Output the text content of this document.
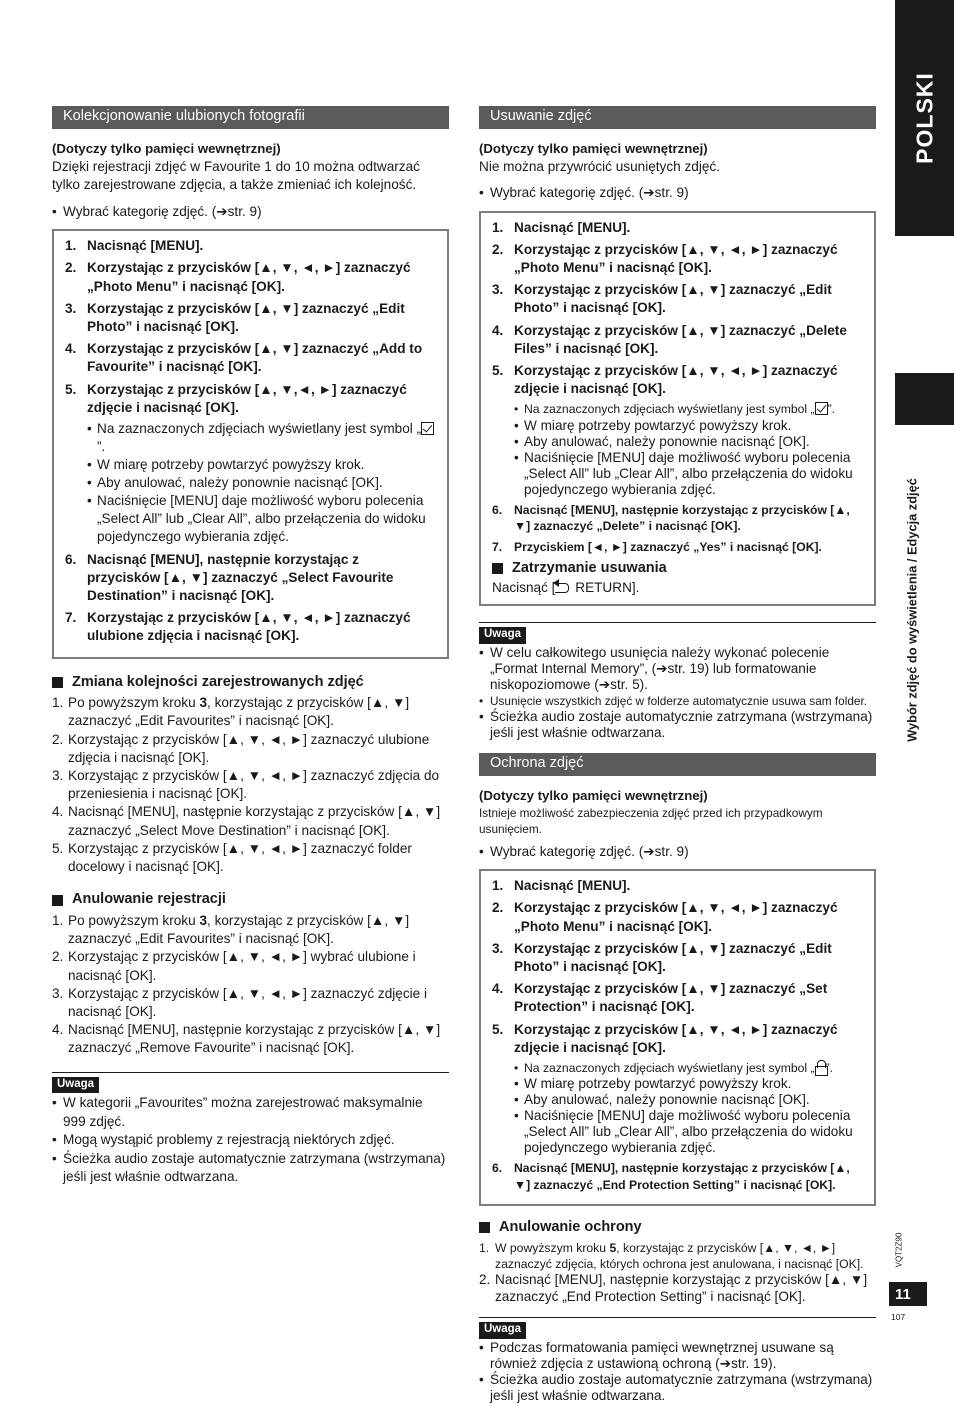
POLSKI
Wybór zdjęć do wyświetlenia / Edycja zdjęć
VQT2Z90
11
107
Kolekcjonowanie ulubionych fotografii
(Dotyczy tylko pamięci wewnętrznej)
Dzięki rejestracji zdjęć w Favourite 1 do 10 można odtwarzać tylko zarejestrowane zdjęcia, a także zmieniać ich kolejność.
• Wybrać kategorię zdjęć. (➔str. 9)
1. Nacisnąć [MENU].
2. Korzystając z przycisków [▲, ▼, ◄, ►] zaznaczyć „Photo Menu” i nacisnąć [OK].
3. Korzystając z przycisków [▲, ▼] zaznaczyć „Edit Photo” i nacisnąć [OK].
4. Korzystając z przycisków [▲, ▼] zaznaczyć „Add to Favourite” i nacisnąć [OK].
5. Korzystając z przycisków [▲, ▼,◄, ►] zaznaczyć zdjęcie i nacisnąć [OK].
• Na zaznaczonych zdjęciach wyświetlany jest symbol „”.
• W miarę potrzeby powtarzyć powyższy krok.
• Aby anulować, należy ponownie nacisnąć [OK].
• Naciśnięcie [MENU] daje możliwość wyboru polecenia „Select All” lub „Clear All”, albo przełączenia do widoku pojedynczego wybierania zdjęć.
6. Nacisnąć [MENU], następnie korzystając z przycisków [▲, ▼] zaznaczyć „Select Favourite Destination” i nacisnąć [OK].
7. Korzystając z przycisków [▲, ▼, ◄, ►] zaznaczyć ulubione zdjęcia i nacisnąć [OK].
Zmiana kolejności zarejestrowanych zdjęć
1. Po powyższym kroku 3, korzystając z przycisków [▲, ▼] zaznaczyć „Edit Favourites” i nacisnąć [OK].
2. Korzystając z przycisków [▲, ▼, ◄, ►] zaznaczyć ulubione zdjęcia i nacisnąć [OK].
3. Korzystając z przycisków [▲, ▼, ◄, ►] zaznaczyć zdjęcia do przeniesienia i nacisnąć [OK].
4. Nacisnąć [MENU], następnie korzystając z przycisków [▲, ▼] zaznaczyć „Select Move Destination” i nacisnąć [OK].
5. Korzystając z przycisków [▲, ▼, ◄, ►] zaznaczyć folder docelowy i nacisnąć [OK].
Anulowanie rejestracji
1. Po powyższym kroku 3, korzystając z przycisków [▲, ▼] zaznaczyć „Edit Favourites” i nacisnąć [OK].
2. Korzystając z przycisków [▲, ▼, ◄, ►] wybrać ulubione i nacisnąć [OK].
3. Korzystając z przycisków [▲, ▼, ◄, ►] zaznaczyć zdjęcie i nacisnąć [OK].
4. Nacisnąć [MENU], następnie korzystając z przycisków [▲, ▼] zaznaczyć „Remove Favourite” i nacisnąć [OK].
Uwaga
• W kategorii „Favourites” można zarejestrować maksymalnie 999 zdjęć.
• Mogą wystąpić problemy z rejestracją niektórych zdjęć.
• Ścieżka audio zostaje automatycznie zatrzymana (wstrzymana) jeśli jest właśnie odtwarzana.
Usuwanie zdjęć
(Dotyczy tylko pamięci wewnętrznej)
Nie można przywrócić usuniętych zdjęć.
• Wybrać kategorię zdjęć. (➔str. 9)
1. Nacisnąć [MENU].
2. Korzystając z przycisków [▲, ▼, ◄, ►] zaznaczyć „Photo Menu” i nacisnąć [OK].
3. Korzystając z przycisków [▲, ▼] zaznaczyć „Edit Photo” i nacisnąć [OK].
4. Korzystając z przycisków [▲, ▼] zaznaczyć „Delete Files” i nacisnąć [OK].
5. Korzystając z przycisków [▲, ▼, ◄, ►] zaznaczyć zdjęcie i nacisnąć [OK].
• Na zaznaczonych zdjęciach wyświetlany jest symbol „ ”.
• W miarę potrzeby powtarzyć powyższy krok.
• Aby anulować, należy ponownie nacisnąć [OK].
• Naciśnięcie [MENU] daje możliwość wyboru polecenia „Select All” lub „Clear All”, albo przełączenia do widoku pojedynczego wybierania zdjęć.
6. Nacisnąć [MENU], następnie korzystając z przycisków [▲, ▼] zaznaczyć „Delete” i nacisnąć [OK].
7. Przyciskiem [◄, ►] zaznaczyć „Yes” i nacisnąć [OK].
Zatrzymanie usuwania
Nacisnąć [ RETURN].
Uwaga
• W celu całkowitego usunięcia należy wykonać polecenie „Format Internal Memory”, (➔str. 19) lub formatowanie niskopoziomowe (➔str. 5).
• Usunięcie wszystkich zdjęć w folderze automatycznie usuwa sam folder.
• Ścieżka audio zostaje automatycznie zatrzymana (wstrzymana) jeśli jest właśnie odtwarzana.
Ochrona zdjęć
(Dotyczy tylko pamięci wewnętrznej)
Istnieje możliwość zabezpieczenia zdjęć przed ich przypadkowym usunięciem.
• Wybrać kategorię zdjęć. (➔str. 9)
1. Nacisnąć [MENU].
2. Korzystając z przycisków [▲, ▼, ◄, ►] zaznaczyć „Photo Menu” i nacisnąć [OK].
3. Korzystając z przycisków [▲, ▼] zaznaczyć „Edit Photo” i nacisnąć [OK].
4. Korzystając z przycisków [▲, ▼] zaznaczyć „Set Protection” i nacisnąć [OK].
5. Korzystając z przycisków [▲, ▼, ◄, ►] zaznaczyć zdjęcie i nacisnąć [OK].
• Na zaznaczonych zdjęciach wyświetlany jest symbol „ ”.
• W miarę potrzeby powtarzyć powyższy krok.
• Aby anulować, należy ponownie nacisnąć [OK].
• Naciśnięcie [MENU] daje możliwość wyboru polecenia „Select All” lub „Clear All”, albo przełączenia do widoku pojedynczego wybierania zdjęć.
6. Nacisnąć [MENU], następnie korzystając z przycisków [▲, ▼] zaznaczyć „End Protection Setting” i nacisnąć [OK].
Anulowanie ochrony
1. W powyższym kroku 5, korzystając z przycisków [▲, ▼, ◄, ►] zaznaczyć zdjęcia, których ochrona jest anulowana, i nacisnąć [OK].
2. Nacisnąć [MENU], następnie korzystając z przycisków [▲, ▼] zaznaczyć „End Protection Setting” i nacisnąć [OK].
Uwaga
• Podczas formatowania pamięci wewnętrznej usuwane są również zdjęcia z ustawioną ochroną (➔str. 19).
• Ścieżka audio zostaje automatycznie zatrzymana (wstrzymana) jeśli jest właśnie odtwarzana.
